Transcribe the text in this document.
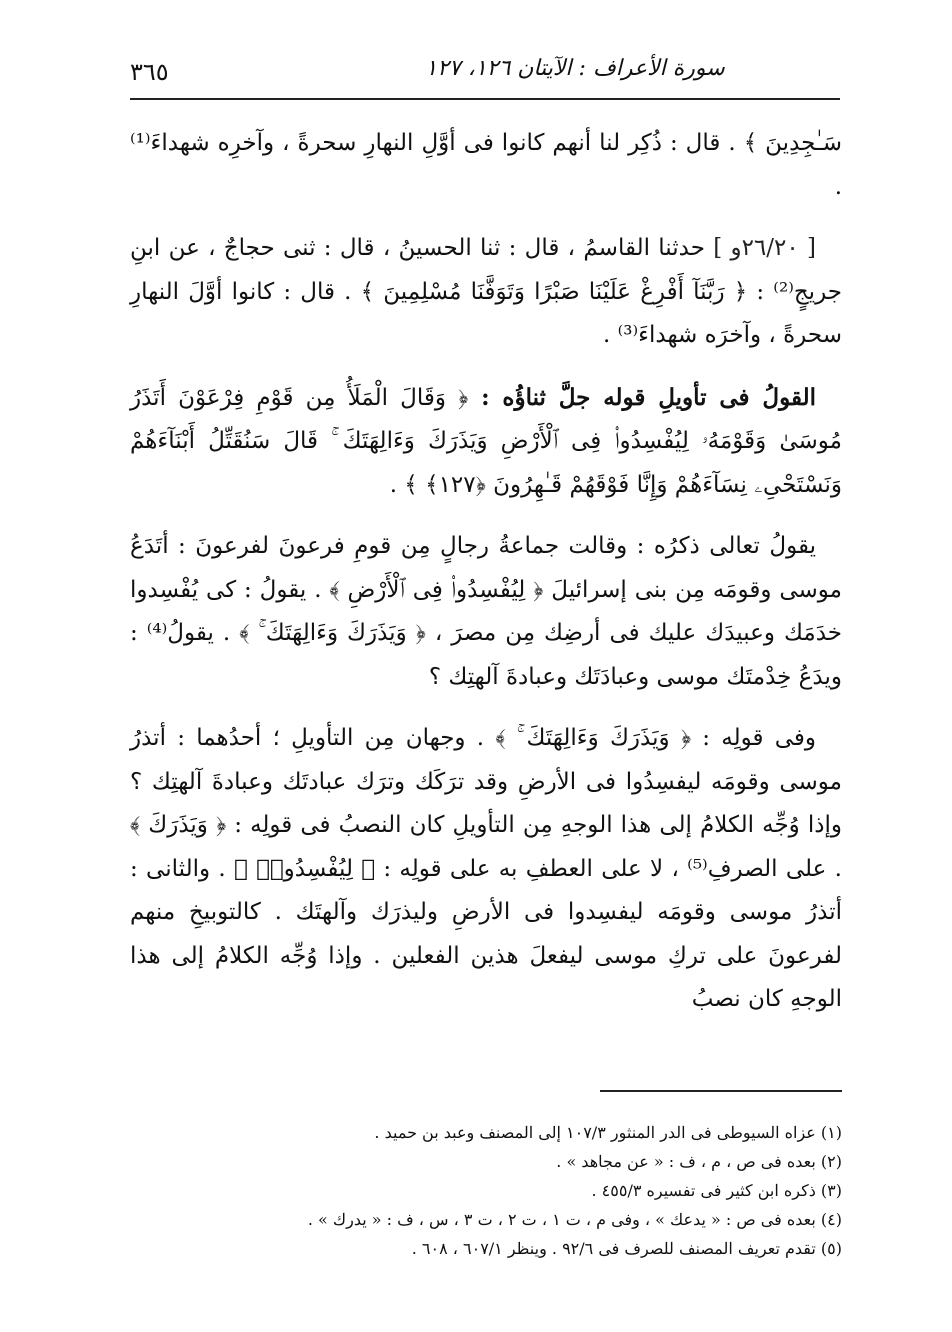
سورة الأعراف : الآيتان ١٢٦، ١٢٧
٣٦٥

سَـٰجِدِينَ ﴾ . قال : ذُكِر لنا أنهم كانوا فى أوَّلِ النهارِ سحرةً ، وآخرِه شهداءَ⁽¹⁾ .

[ ٢٦/٢٠و ] حدثنا القاسمُ ، قال : ثنا الحسينُ ، قال : ثنى حجاجٌ ، عن ابنِ جريجٍ⁽²⁾ : ﴿ رَبَّنَآ أَفْرِغْ عَلَيْنَا صَبْرًا وَتَوَفَّنَا مُسْلِمِينَ ﴾ . قال : كانوا أوَّلَ النهارِ سحرةً ، وآخرَه شهداءَ⁽³⁾ .

القولُ فى تأويلِ قوله جلَّ ثناؤُه : ﴿ وَقَالَ الْمَلَأُ مِن قَوْمِ فِرْعَوْنَ أَتَذَرُ مُوسَىٰ وَقَوْمَهُۥ لِيُفْسِدُوا۟ فِى ٱلْأَرْضِ وَيَذَرَكَ وَءَالِهَتَكَ ۚ قَالَ سَنُقَتِّلُ أَبْنَآءَهُمْ وَنَسْتَحْىِۦ نِسَآءَهُمْ وَإِنَّا فَوْقَهُمْ قَـٰهِرُونَ ﴿١٢٧﴾ ﴾ .

يقولُ تعالى ذكرُه : وقالت جماعةُ رجالٍ مِن قومِ فرعونَ لفرعونَ : أتَدَعُ موسى وقومَه مِن بنى إسرائيلَ ﴿ لِيُفْسِدُوا۟ فِى ٱلْأَرْضِ ﴾ . يقولُ : كى يُفْسِدوا خدَمَك وعبيدَك عليك فى أرضِك مِن مصرَ ، ﴿ وَيَذَرَكَ وَءَالِهَتَكَ ۚ ﴾ . يقولُ⁽⁴⁾ : ويدَعُ خِدْمتَك موسى وعبادَتَك وعبادةَ آلهتِك ؟

وفى قولِه : ﴿ وَيَذَرَكَ وَءَالِهَتَكَ ۚ ﴾ . وجهان مِن التأويلِ ؛ أحدُهما : أتذرُ موسى وقومَه ليفسِدُوا فى الأرضِ وقد ترَكَك وترَك عبادتَك وعبادةَ آلهتِك ؟ وإذا وُجِّه الكلامُ إلى هذا الوجهِ مِن التأويلِ كان النصبُ فى قولِه : ﴿ وَيَذَرَكَ ﴾ . على الصرفِ⁽⁵⁾ ، لا على العطفِ به على قولِه : ﴿ لِيُفْسِدُوا۟ ﴾ . والثانى : أتذرُ موسى وقومَه ليفسِدوا فى الأرضِ وليذرَك وآلهتَك . كالتوبيخِ منهم لفرعونَ على تركِ موسى ليفعلَ هذين الفعلين . وإذا وُجِّه الكلامُ إلى هذا الوجهِ كان نصبُ

(١) عزاه السيوطى فى الدر المنثور ١٠٧/٣ إلى المصنف وعبد بن حميد .
(٢) بعده فى ص ، م ، ف : « عن مجاهد » .
(٣) ذكره ابن كثير فى تفسيره ٤٥٥/٣ .
(٤) بعده فى ص : « يدعك » ، وفى م ، ت ١ ، ت ٢ ، ت ٣ ، س ، ف : « يدرك » .
(٥) تقدم تعريف المصنف للصرف فى ٩٢/٦ . وينظر ٦٠٧/١ ، ٦٠٨ .
